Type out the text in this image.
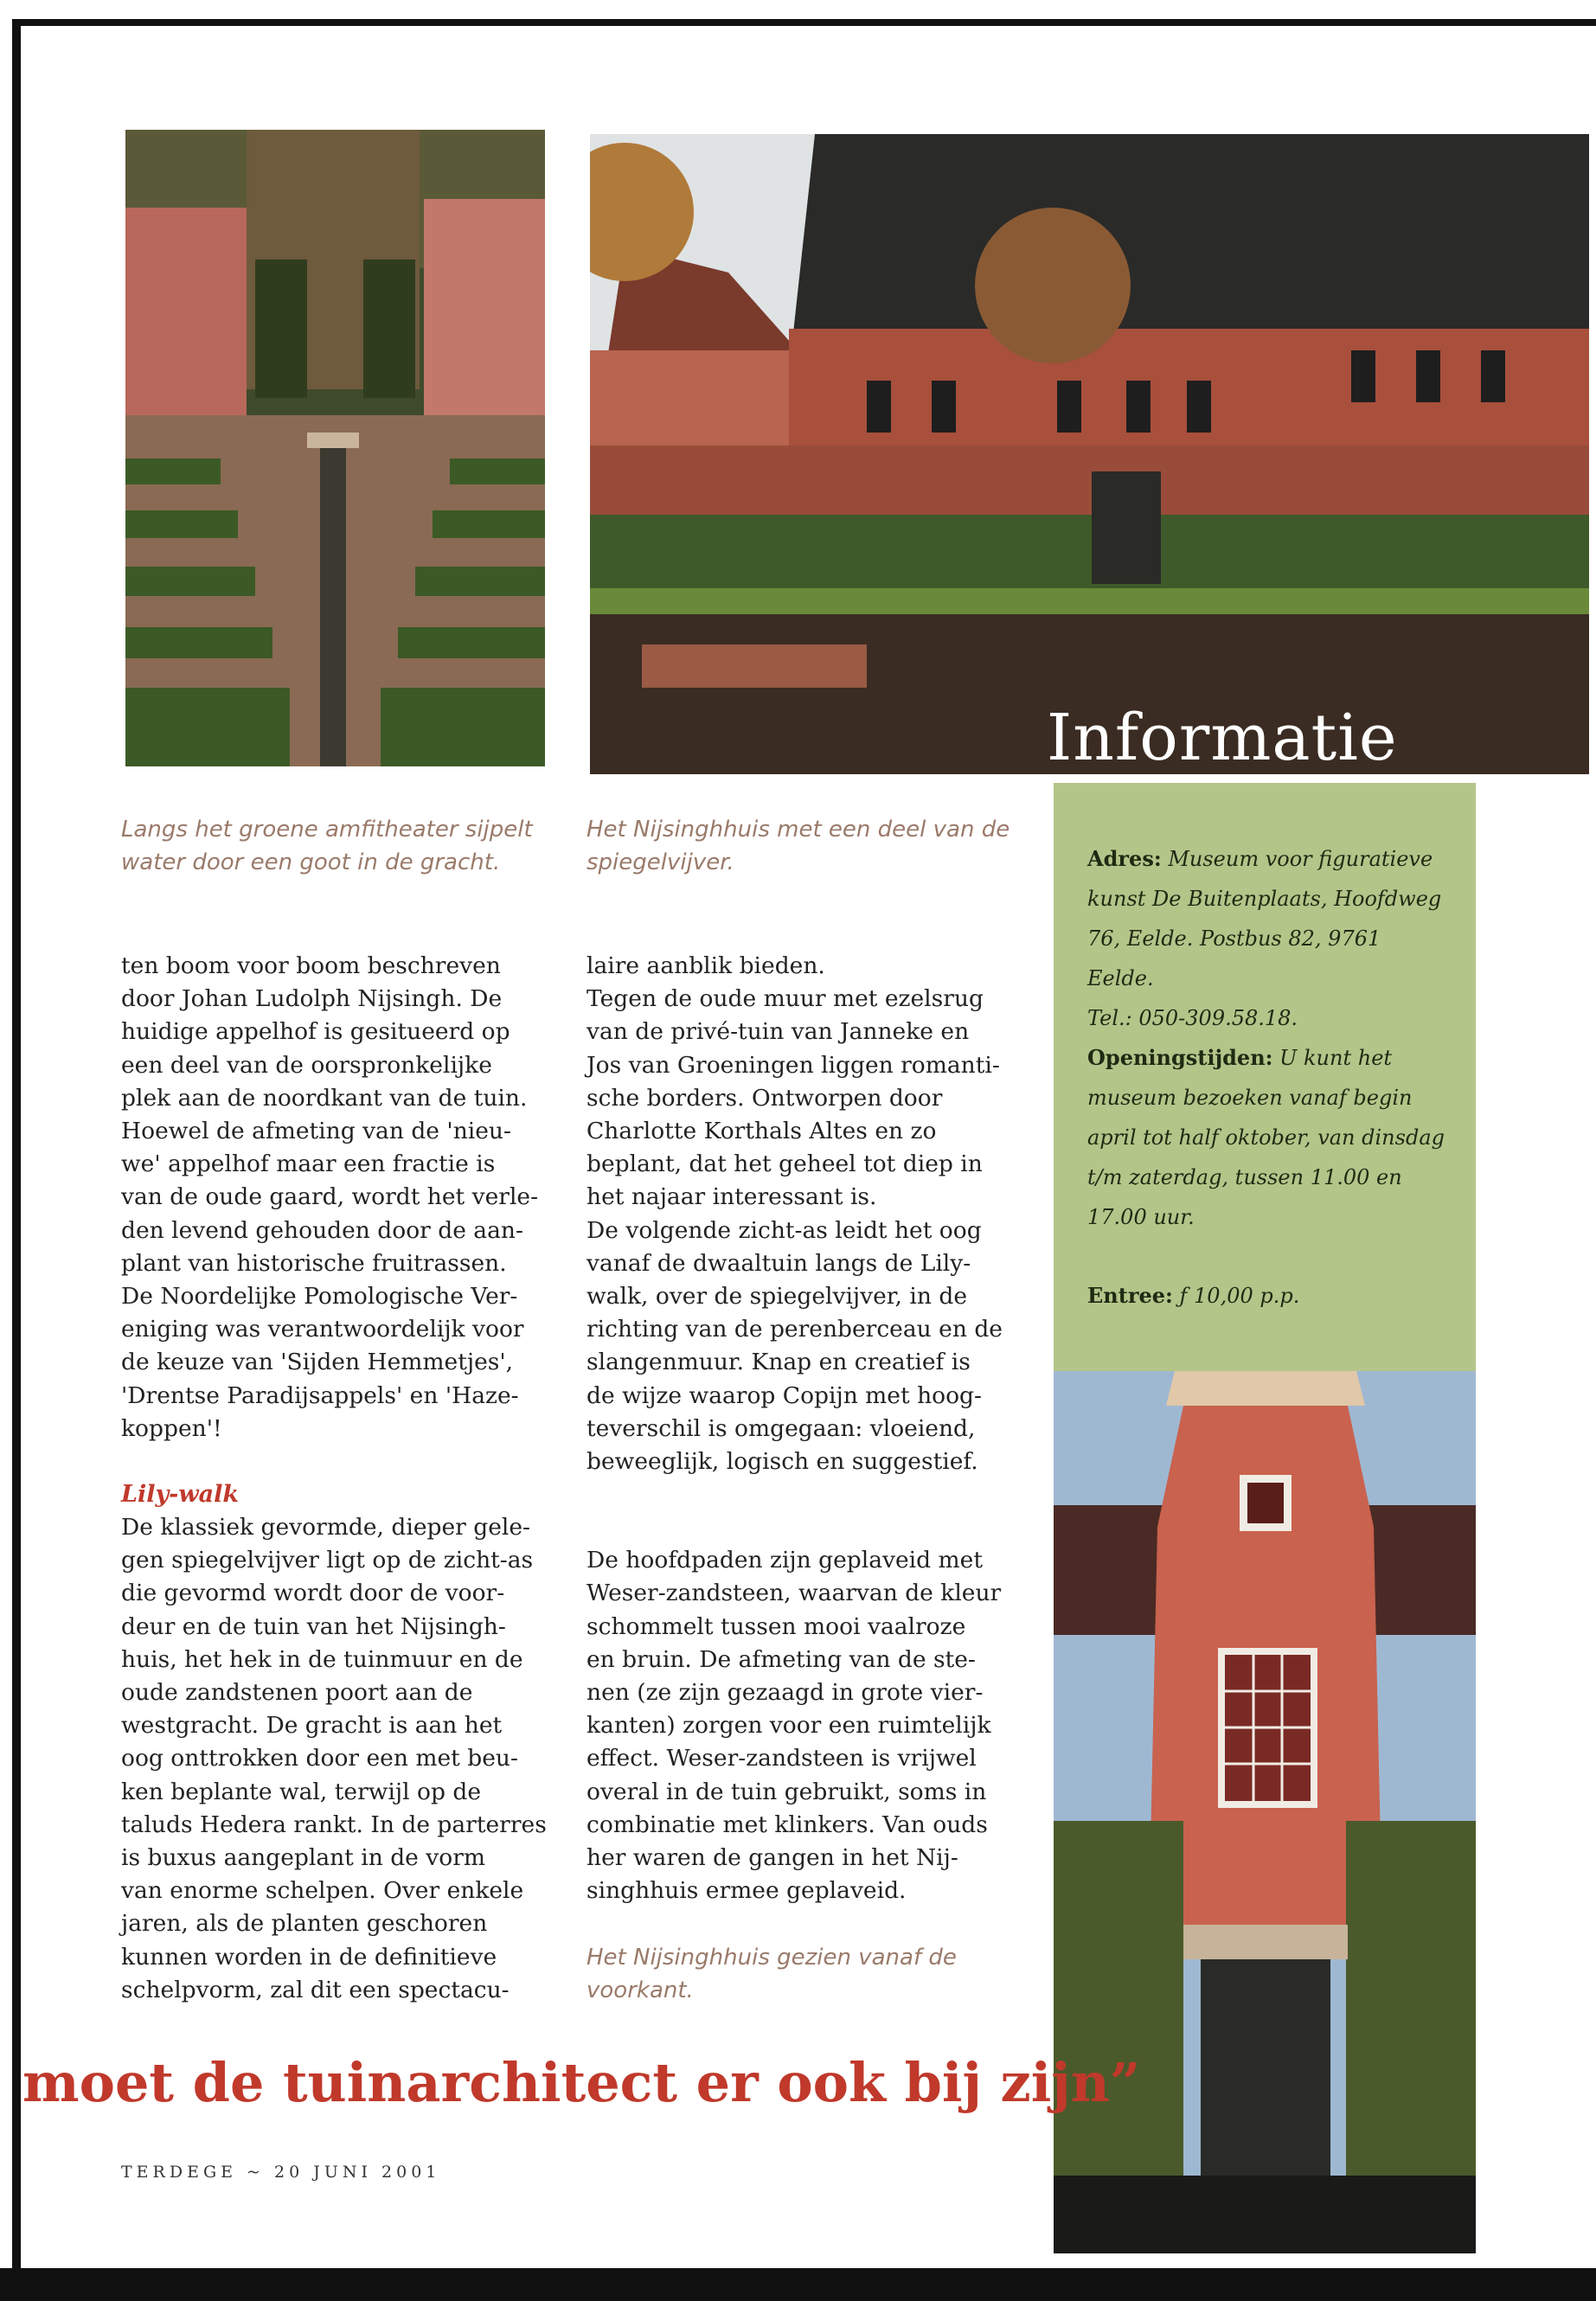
Informatie
Langs het groene amfitheater sijpelt water door een goot in de gracht.
Het Nijsinghhuis met een deel van de spiegelvijver.

ten boom voor boom beschreven
door Johan Ludolph Nijsingh. De
huidige appelhof is gesitueerd op
een deel van de oorspronkelijke
plek aan de noordkant van de tuin.
Hoewel de afmeting van de 'nieu-
we' appelhof maar een fractie is
van de oude gaard, wordt het verle-
den levend gehouden door de aan-
plant van historische fruitrassen.
De Noordelijke Pomologische Ver-
eniging was verantwoordelijk voor
de keuze van 'Sijden Hemmetjes',
'Drentse Paradijsappels' en 'Haze-
koppen'!

Lily-walk

De klassiek gevormde, dieper gele-
gen spiegelvijver ligt op de zicht-as
die gevormd wordt door de voor-
deur en de tuin van het Nijsingh-
huis, het hek in de tuinmuur en de
oude zandstenen poort aan de
westgracht. De gracht is aan het
oog onttrokken door een met beu-
ken beplante wal, terwijl op de
taluds Hedera rankt. In de parterres
is buxus aangeplant in de vorm
van enorme schelpen. Over enkele
jaren, als de planten geschoren
kunnen worden in de definitieve
schelpvorm, zal dit een spectacu-

laire aanblik bieden.
Tegen de oude muur met ezelsrug
van de privé-tuin van Janneke en
Jos van Groeningen liggen romanti-
sche borders. Ontworpen door
Charlotte Korthals Altes en zo
beplant, dat het geheel tot diep in
het najaar interessant is.
De volgende zicht-as leidt het oog
vanaf de dwaaltuin langs de Lily-
walk, over de spiegelvijver, in de
richting van de perenberceau en de
slangenmuur. Knap en creatief is
de wijze waarop Copijn met hoog-
teverschil is omgegaan: vloeiend,
beweeglijk, logisch en suggestief.

De hoofdpaden zijn geplaveid met
Weser-zandsteen, waarvan de kleur
schommelt tussen mooi vaalroze
en bruin. De afmeting van de ste-
nen (ze zijn gezaagd in grote vier-
kanten) zorgen voor een ruimtelijk
effect. Weser-zandsteen is vrijwel
overal in de tuin gebruikt, soms in
combinatie met klinkers. Van ouds
her waren de gangen in het Nij-
singhhuis ermee geplaveid.

Het Nijsinghhuis gezien vanaf de voorkant.
Adres: Museum voor figuratieve kunst De Buitenplaats, Hoofdweg 76, Eelde. Postbus 82, 9761 Eelde.
Tel.: 050-309.58.18.
Openingstijden: U kunt het museum bezoeken vanaf begin april tot half oktober, van dinsdag t/m zaterdag, tussen 11.00 en 17.00 uur.
Entree: ƒ 10,00 p.p.
moet de tuinarchitect er ook bij zijn”
TERDEGE ~ 20 JUNI 2001
